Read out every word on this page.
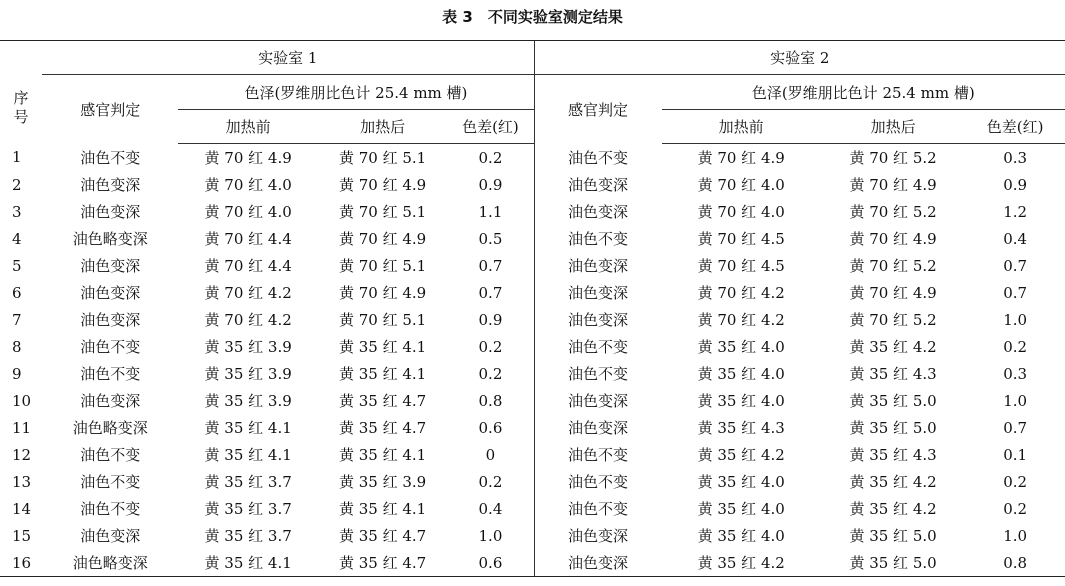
表 3　不同实验室测定结果
	实验室 1				实验室 2			
序号	感官判定	色泽(罗维朋比色计 25.4 mm 槽)			感官判定	色泽(罗维朋比色计 25.4 mm 槽)		
		加热前	加热后	色差(红)		加热前	加热后	色差(红)
1	油色不变	黄 70 红 4.9	黄 70 红 5.1	0.2	油色不变	黄 70 红 4.9	黄 70 红 5.2	0.3
2	油色变深	黄 70 红 4.0	黄 70 红 4.9	0.9	油色变深	黄 70 红 4.0	黄 70 红 4.9	0.9
3	油色变深	黄 70 红 4.0	黄 70 红 5.1	1.1	油色变深	黄 70 红 4.0	黄 70 红 5.2	1.2
4	油色略变深	黄 70 红 4.4	黄 70 红 4.9	0.5	油色不变	黄 70 红 4.5	黄 70 红 4.9	0.4
5	油色变深	黄 70 红 4.4	黄 70 红 5.1	0.7	油色变深	黄 70 红 4.5	黄 70 红 5.2	0.7
6	油色变深	黄 70 红 4.2	黄 70 红 4.9	0.7	油色变深	黄 70 红 4.2	黄 70 红 4.9	0.7
7	油色变深	黄 70 红 4.2	黄 70 红 5.1	0.9	油色变深	黄 70 红 4.2	黄 70 红 5.2	1.0
8	油色不变	黄 35 红 3.9	黄 35 红 4.1	0.2	油色不变	黄 35 红 4.0	黄 35 红 4.2	0.2
9	油色不变	黄 35 红 3.9	黄 35 红 4.1	0.2	油色不变	黄 35 红 4.0	黄 35 红 4.3	0.3
10	油色变深	黄 35 红 3.9	黄 35 红 4.7	0.8	油色变深	黄 35 红 4.0	黄 35 红 5.0	1.0
11	油色略变深	黄 35 红 4.1	黄 35 红 4.7	0.6	油色变深	黄 35 红 4.3	黄 35 红 5.0	0.7
12	油色不变	黄 35 红 4.1	黄 35 红 4.1	0	油色不变	黄 35 红 4.2	黄 35 红 4.3	0.1
13	油色不变	黄 35 红 3.7	黄 35 红 3.9	0.2	油色不变	黄 35 红 4.0	黄 35 红 4.2	0.2
14	油色不变	黄 35 红 3.7	黄 35 红 4.1	0.4	油色不变	黄 35 红 4.0	黄 35 红 4.2	0.2
15	油色变深	黄 35 红 3.7	黄 35 红 4.7	1.0	油色变深	黄 35 红 4.0	黄 35 红 5.0	1.0
16	油色略变深	黄 35 红 4.1	黄 35 红 4.7	0.6	油色变深	黄 35 红 4.2	黄 35 红 5.0	0.8
